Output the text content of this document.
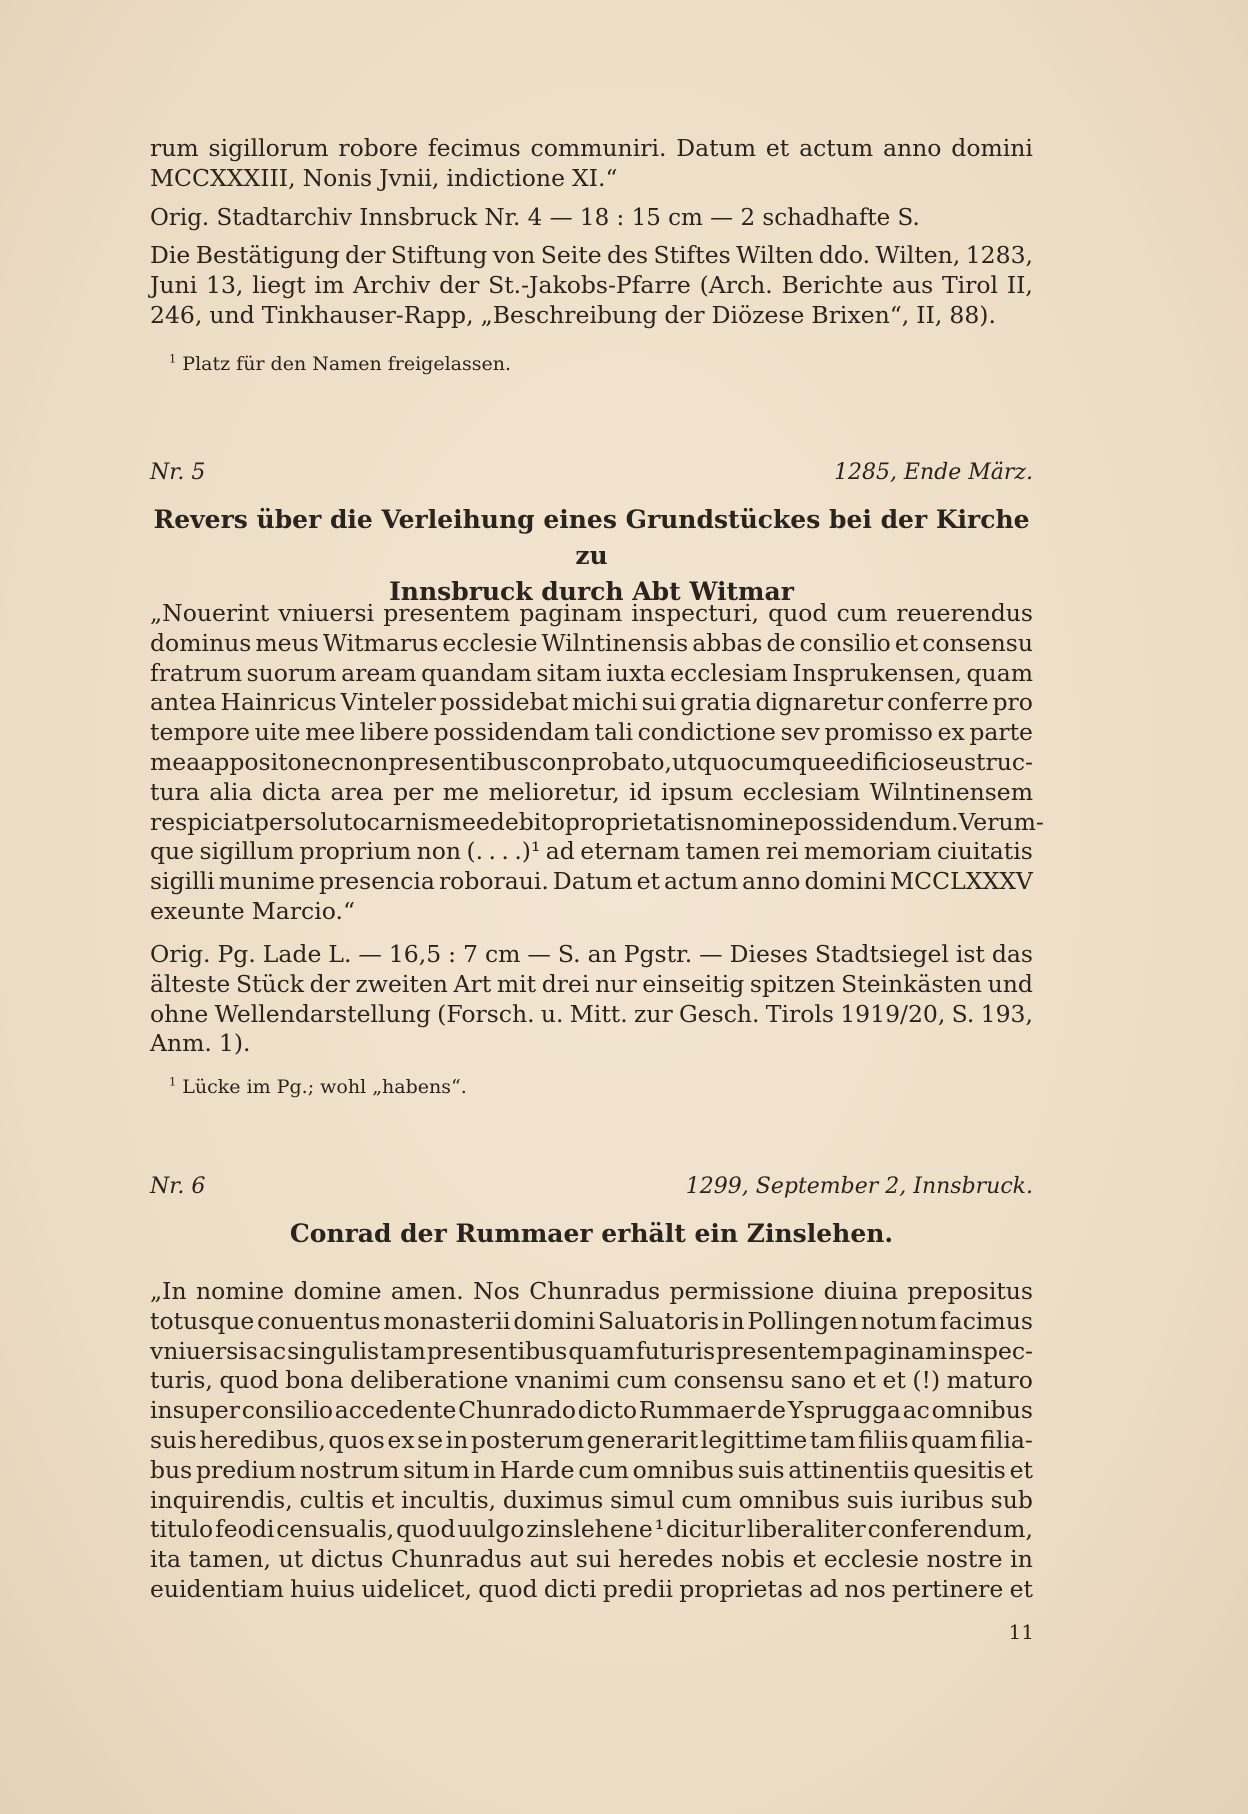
rum sigillorum robore fecimus communiri. Datum et actum anno domini
MCCXXXIII, Nonis Jvnii, indictione XI.“
Orig. Stadtarchiv Innsbruck Nr. 4 — 18 : 15 cm — 2 schadhafte S.
Die Bestätigung der Stiftung von Seite des Stiftes Wilten ddo. Wilten, 1283,
Juni 13, liegt im Archiv der St.-Jakobs-Pfarre (Arch. Berichte aus Tirol II,
246, und Tinkhauser-Rapp, „Beschreibung der Diözese Brixen“, II, 88).
$^1$ Platz für den Namen freigelassen.
Nr. 5	1285, Ende März.
Revers über die Verleihung eines Grundstückes bei der Kirche zu
Innsbruck durch Abt Witmar
„Nouerint vniuersi presentem paginam inspecturi, quod cum reuerendus
dominus meus Witmarus ecclesie Wilntinensis abbas de consilio et consensu
fratrum suorum aream quandam sitam iuxta ecclesiam Insprukensen, quam
antea Hainricus Vinteler possidebat michi sui gratia dignaretur conferre pro
tempore uite mee libere possidendam tali condictione sev promisso ex parte
mea apposito necnon presentibus conprobato, ut quocumque edificio seu struc-
tura alia dicta area per me melioretur, id ipsum ecclesiam Wilntinensem
respiciat persoluto carnis mee debito proprietatis nomine possidendum. Verum-
que sigillum proprium non (. . . .)¹ ad eternam tamen rei memoriam ciuitatis
sigilli munime presencia roboraui. Datum et actum anno domini MCCLXXXV
exeunte Marcio.“
Orig. Pg. Lade L. — 16,5 : 7 cm — S. an Pgstr. — Dieses Stadtsiegel ist das
älteste Stück der zweiten Art mit drei nur einseitig spitzen Steinkästen und
ohne Wellendarstellung (Forsch. u. Mitt. zur Gesch. Tirols 1919/20, S. 193,
Anm. 1).
$^1$ Lücke im Pg.; wohl „habens“.
Nr. 6	1299, September 2, Innsbruck.
Conrad der Rummaer erhält ein Zinslehen.
„In nomine domine amen. Nos Chunradus permissione diuina prepositus
totusque conuentus monasterii domini Saluatoris in Pollingen notum facimus
vniuersis ac singulis tam presentibus quam futuris presentem paginam inspec-
turis, quod bona deliberatione vnanimi cum consensu sano et et (!) maturo
insuper consilio accedente Chunrado dicto Rummaer de Ysprugga ac omnibus
suis heredibus, quos ex se in posterum generarit legittime tam filiis quam filia-
bus predium nostrum situm in Harde cum omnibus suis attinentiis quesitis et
inquirendis, cultis et incultis, duximus simul cum omnibus suis iuribus sub
titulo feodi censualis, quod uulgo zinslehene ¹ dicitur liberaliter conferendum,
ita tamen, ut dictus Chunradus aut sui heredes nobis et ecclesie nostre in
euidentiam huius uidelicet, quod dicti predii proprietas ad nos pertinere et
11
